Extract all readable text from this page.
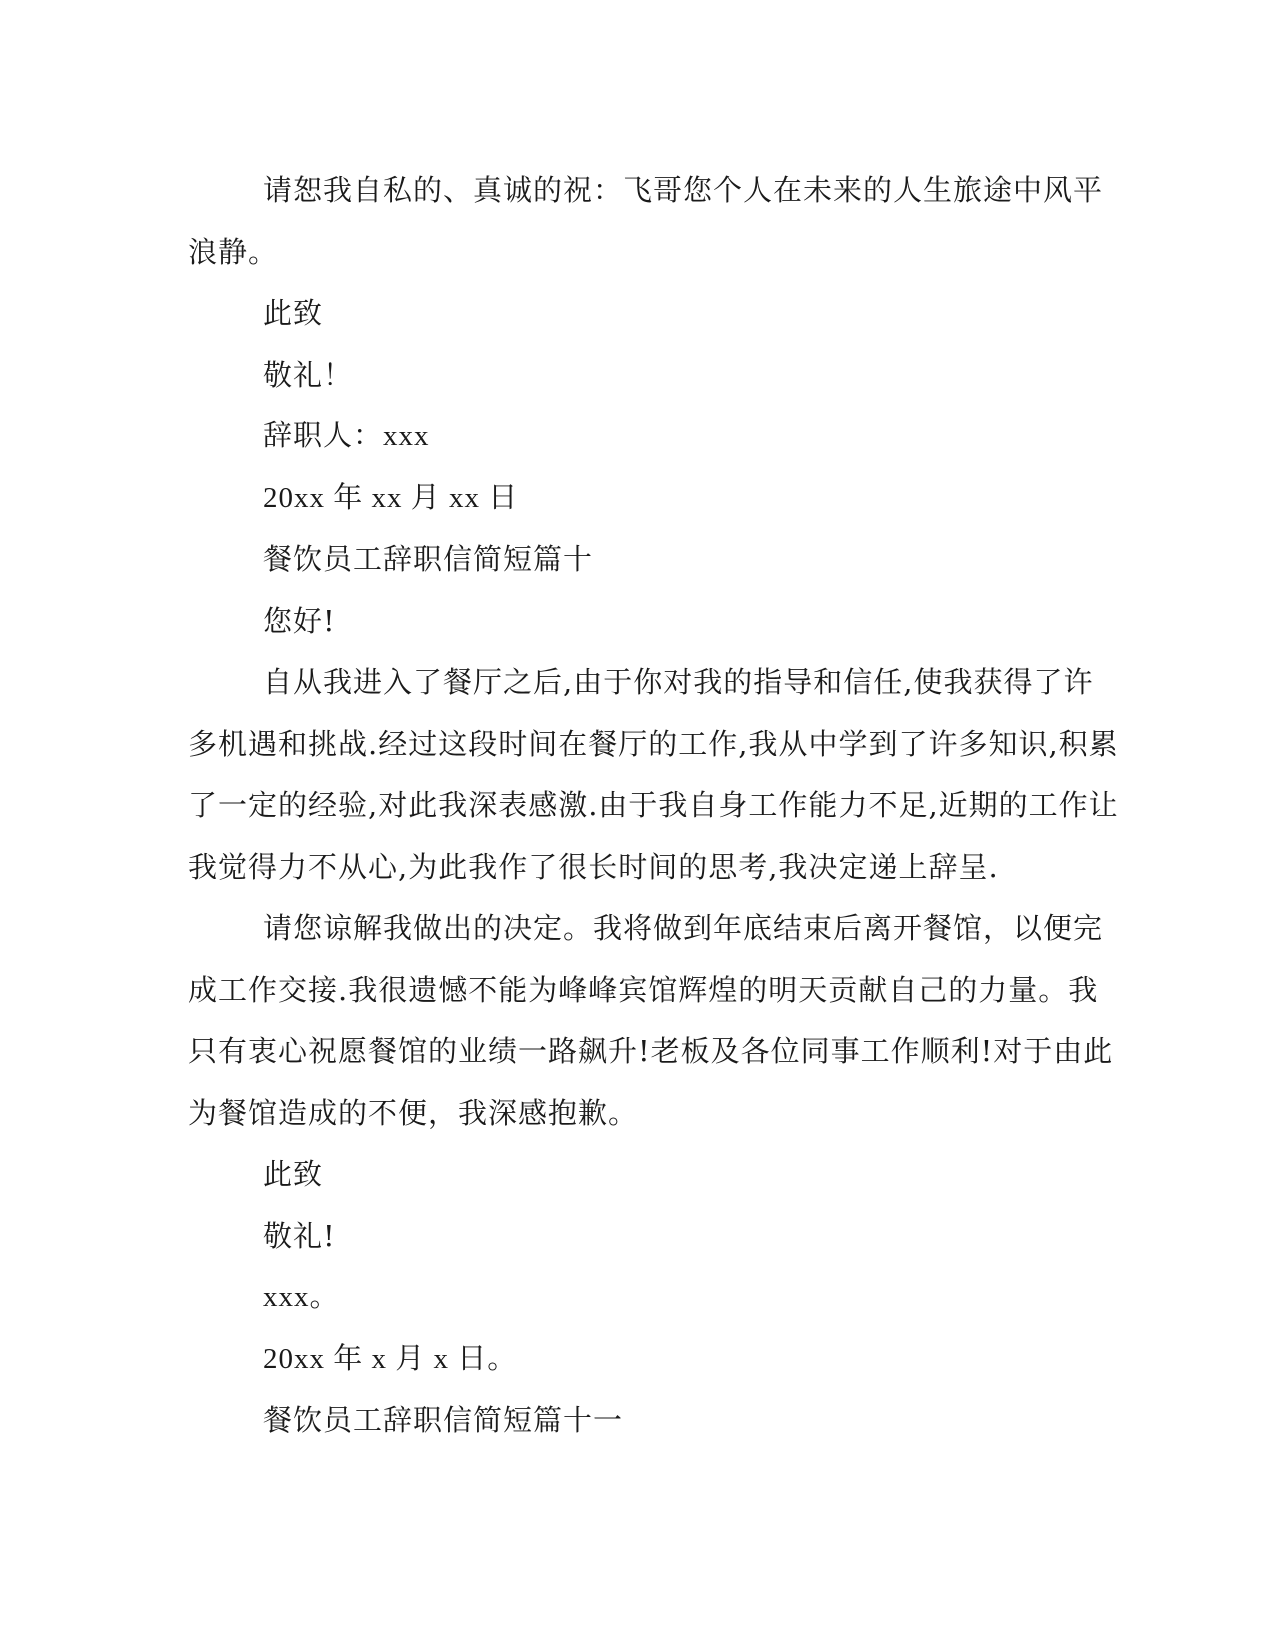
请恕我自私的、真诚的祝：飞哥您个人在未来的人生旅途中风平
浪静。
此致
敬礼！
辞职人：xxx
20xx 年 xx 月 xx 日
餐饮员工辞职信简短篇十
您好!
自从我进入了餐厅之后,由于你对我的指导和信任,使我获得了许
多机遇和挑战.经过这段时间在餐厅的工作,我从中学到了许多知识,积累
了一定的经验,对此我深表感激.由于我自身工作能力不足,近期的工作让
我觉得力不从心,为此我作了很长时间的思考,我决定递上辞呈.
请您谅解我做出的决定。我将做到年底结束后离开餐馆，以便完
成工作交接.我很遗憾不能为峰峰宾馆辉煌的明天贡献自己的力量。我
只有衷心祝愿餐馆的业绩一路飙升!老板及各位同事工作顺利!对于由此
为餐馆造成的不便，我深感抱歉。
此致
敬礼!
xxx。
20xx 年 x 月 x 日。
餐饮员工辞职信简短篇十一
